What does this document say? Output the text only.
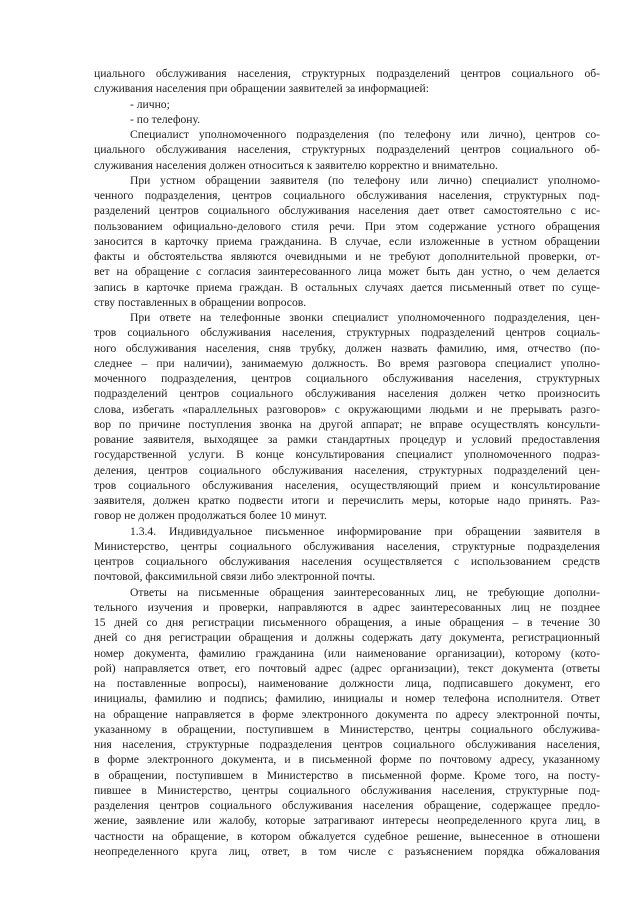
циального обслуживания населения, структурных подразделений центров социального об-
служивания населения при обращении заявителей за информацией:
- лично;
- по телефону.
Специалист уполномоченного подразделения (по телефону или лично), центров со-
циального обслуживания населения, структурных подразделений центров социального об-
служивания населения должен относиться к заявителю корректно и внимательно.
При устном обращении заявителя (по телефону или лично) специалист уполномо-
ченного подразделения, центров социального обслуживания населения, структурных под-
разделений центров социального обслуживания населения дает ответ самостоятельно с ис-
пользованием официально-делового стиля речи. При этом содержание устного обращения
заносится в карточку приема гражданина. В случае, если изложенные в устном обращении
факты и обстоятельства являются очевидными и не требуют дополнительной проверки, от-
вет на обращение с согласия заинтересованного лица может быть дан устно, о чем делается
запись в карточке приема граждан. В остальных случаях дается письменный ответ по суще-
ству поставленных в обращении вопросов.
При ответе на телефонные звонки специалист уполномоченного подразделения, цен-
тров социального обслуживания населения, структурных подразделений центров социаль-
ного обслуживания населения, сняв трубку, должен назвать фамилию, имя, отчество (по-
следнее – при наличии), занимаемую должность. Во время разговора специалист уполно-
моченного подразделения, центров социального обслуживания населения, структурных
подразделений центров социального обслуживания населения должен четко произносить
слова, избегать «параллельных разговоров» с окружающими людьми и не прерывать разго-
вор по причине поступления звонка на другой аппарат; не вправе осуществлять консульти-
рование заявителя, выходящее за рамки стандартных процедур и условий предоставления
государственной услуги. В конце консультирования специалист уполномоченного подраз-
деления, центров социального обслуживания населения, структурных подразделений цен-
тров социального обслуживания населения, осуществляющий прием и консультирование
заявителя, должен кратко подвести итоги и перечислить меры, которые надо принять. Раз-
говор не должен продолжаться более 10 минут.
1.3.4. Индивидуальное письменное информирование при обращении заявителя в
Министерство, центры социального обслуживания населения, структурные подразделения
центров социального обслуживания населения осуществляется с использованием средств
почтовой, факсимильной связи либо электронной почты.
Ответы на письменные обращения заинтересованных лиц, не требующие дополни-
тельного изучения и проверки, направляются в адрес заинтересованных лиц не позднее
15 дней со дня регистрации письменного обращения, а иные обращения – в течение 30
дней со дня регистрации обращения и должны содержать дату документа, регистрационный
номер документа, фамилию гражданина (или наименование организации), которому (кото-
рой) направляется ответ, его почтовый адрес (адрес организации), текст документа (ответы
на поставленные вопросы), наименование должности лица, подписавшего документ, его
инициалы, фамилию и подпись; фамилию, инициалы и номер телефона исполнителя. Ответ
на обращение направляется в форме электронного документа по адресу электронной почты,
указанному в обращении, поступившем в Министерство, центры социального обслужива-
ния населения, структурные подразделения центров социального обслуживания населения,
в форме электронного документа, и в письменной форме по почтовому адресу, указанному
в обращении, поступившем в Министерство в письменной форме. Кроме того, на посту-
пившее в Министерство, центры социального обслуживания населения, структурные под-
разделения центров социального обслуживания населения обращение, содержащее предло-
жение, заявление или жалобу, которые затрагивают интересы неопределенного круга лиц, в
частности на обращение, в котором обжалуется судебное решение, вынесенное в отношени
неопределенного круга лиц, ответ, в том числе с разъяснением порядка обжалования
